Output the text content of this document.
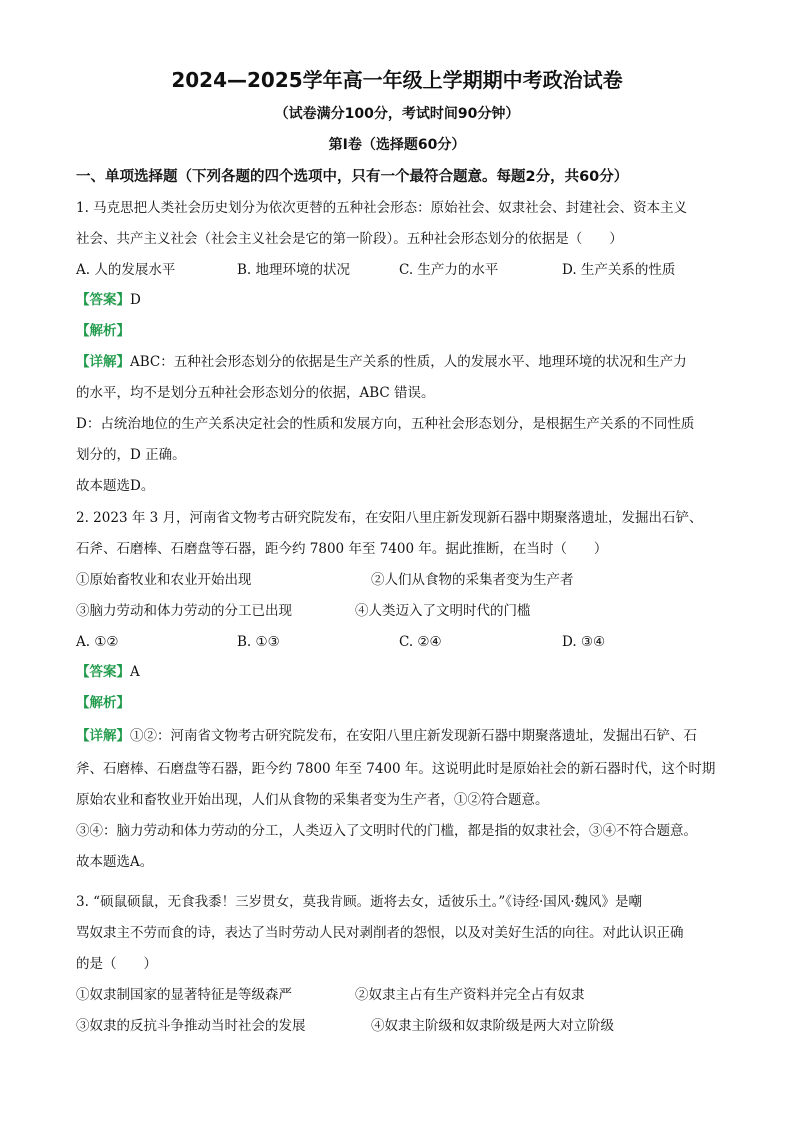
2024—2025学年高一年级上学期期中考政治试卷
（试卷满分100分，考试时间90分钟）
第Ⅰ卷（选择题60分）
一、单项选择题（下列各题的四个选项中，只有一个最符合题意。每题2分，共60分）
1. 马克思把人类社会历史划分为依次更替的五种社会形态：原始社会、奴隶社会、封建社会、资本主义
社会、共产主义社会（社会主义社会是它的第一阶段）。五种社会形态划分的依据是（　　）
A. 人的发展水平	B. 地理环境的状况	C. 生产力的水平	D. 生产关系的性质
【答案】D
【解析】
【详解】ABC：五种社会形态划分的依据是生产关系的性质，人的发展水平、地理环境的状况和生产力
的水平，均不是划分五种社会形态划分的依据，ABC 错误。
D：占统治地位的生产关系决定社会的性质和发展方向，五种社会形态划分，是根据生产关系的不同性质
划分的，D 正确。
故本题选D。
2. 2023 年 3 月，河南省文物考古研究院发布，在安阳八里庄新发现新石器中期聚落遗址，发掘出石铲、
石斧、石磨棒、石磨盘等石器，距今约 7800 年至 7400 年。据此推断，在当时（　　）
①原始畜牧业和农业开始出现	②人们从食物的采集者变为生产者
③脑力劳动和体力劳动的分工已出现	④人类迈入了文明时代的门槛
A. ①②	B. ①③	C. ②④	D. ③④
【答案】A
【解析】
【详解】①②：河南省文物考古研究院发布，在安阳八里庄新发现新石器中期聚落遗址，发掘出石铲、石
斧、石磨棒、石磨盘等石器，距今约 7800 年至 7400 年。这说明此时是原始社会的新石器时代，这个时期
原始农业和畜牧业开始出现，人们从食物的采集者变为生产者，①②符合题意。
③④：脑力劳动和体力劳动的分工，人类迈入了文明时代的门槛，都是指的奴隶社会，③④不符合题意。
故本题选A。
3. “硕鼠硕鼠，无食我黍！三岁贯女，莫我肯顾。逝将去女，适彼乐土。”《诗经·国风·魏风》是嘲
骂奴隶主不劳而食的诗，表达了当时劳动人民对剥削者的怨恨，以及对美好生活的向往。对此认识正确
的是（　　）
①奴隶制国家的显著特征是等级森严	②奴隶主占有生产资料并完全占有奴隶
③奴隶的反抗斗争推动当时社会的发展	④奴隶主阶级和奴隶阶级是两大对立阶级
